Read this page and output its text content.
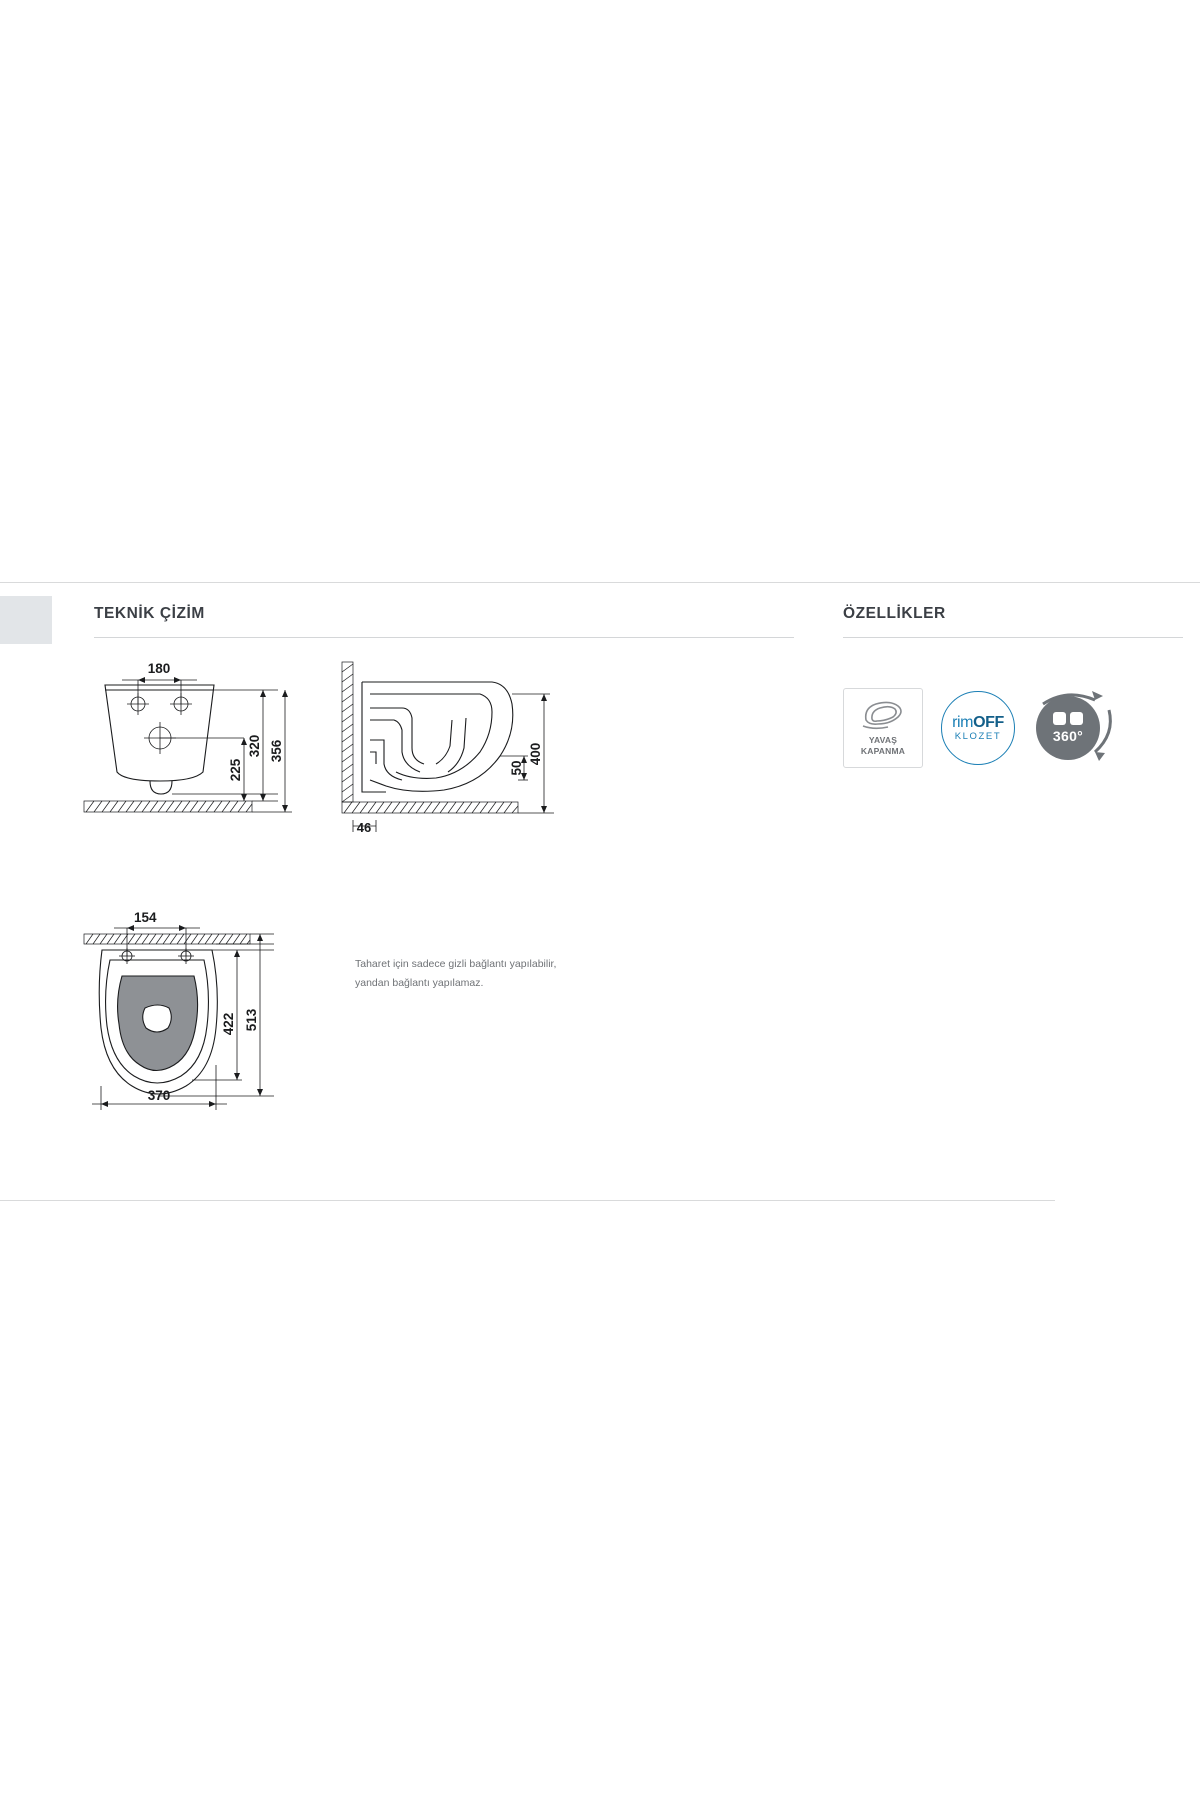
TEKNİK ÇİZİM	ÖZELLİKLER
180
225
320 356	400
50
46
370
422 513
154
Taharet için sadece gizli bağlantı yapılabilir,
yandan bağlantı yapılamaz.
YAVAŞ
KAPANMA
rimOFF
KLOZET	360°
